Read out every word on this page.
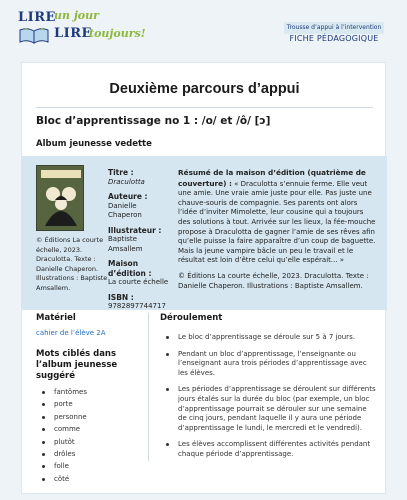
LIRE
un jour
LIRE
toujours!	Trousse d’appui à l’intervention
FICHE PÉDAGOGIQUE
Deuxième parcours d’appui
Bloc d’apprentissage no 1 : /o/ et /ô/ [ɔ]
Album jeunesse vedette
© Éditions La courte échelle, 2023. Draculotta. Texte : Danielle Chaperon. Illustrations : Baptiste Amsallem.
Titre :
Draculotta
Auteure :
Danielle Chaperon
Illustrateur :
Baptiste Amsallem
Maison d’édition :
La courte échelle
ISBN :
9782897744717
Résumé de la maison d’édition (quatrième de couverture) : « Draculotta s’ennuie ferme. Elle veut une amie. Une vraie amie juste pour elle. Pas juste une chauve-souris de compagnie. Ses parents ont alors l’idée d’inviter Mimolette, leur cousine qui a toujours des solutions à tout. Arrivée sur les lieux, la fée-mouche propose à Draculotta de gagner l’amie de ses rêves afin qu’elle puisse la faire apparaître d’un coup de baguette. Mais la jeune vampire bâcle un peu le travail et le résultat est loin d’être celui qu’elle espérait... »
© Éditions La courte échelle, 2023. Draculotta. Texte : Danielle Chaperon. Illustrations : Baptiste Amsallem.
Matériel
cahier de l’élève 2A
Mots ciblés dans l’album jeunesse suggéré
fantômes
porte
personne
comme
plutôt
drôles
folle
côté
Déroulement
Le bloc d’apprentissage se déroule sur 5 à 7 jours.
Pendant un bloc d’apprentissage, l’enseignante ou l’enseignant aura trois périodes d’apprentissage avec les élèves.
Les périodes d’apprentissage se déroulent sur différents jours étalés sur la durée du bloc (par exemple, un bloc d’apprentissage pourrait se dérouler sur une semaine de cinq jours, pendant laquelle il y aura une période d’apprentissage le lundi, le mercredi et le vendredi).
Les élèves accomplissent différentes activités pendant chaque période d’apprentissage.
